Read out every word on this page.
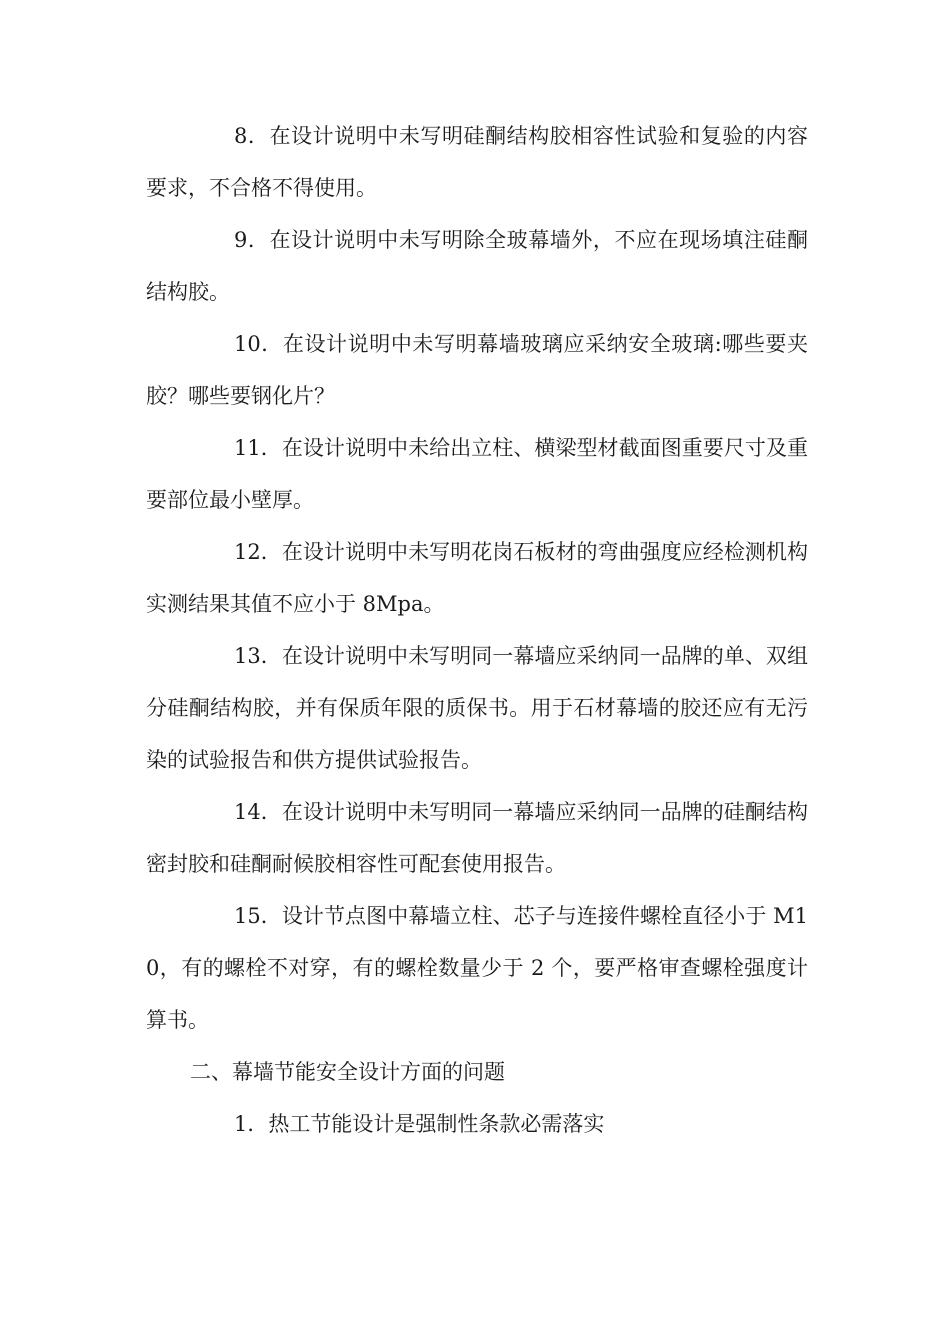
8．在设计说明中未写明硅酮结构胶相容性试验和复验的内容要求，不合格不得使用。

9．在设计说明中未写明除全玻幕墙外，不应在现场填注硅酮结构胶。

10．在设计说明中未写明幕墙玻璃应采纳安全玻璃:哪些要夹胶？哪些要钢化片？

11．在设计说明中未给出立柱、横梁型材截面图重要尺寸及重要部位最小壁厚。

12．在设计说明中未写明花岗石板材的弯曲强度应经检测机构实测结果其值不应小于 8Mpa。

13．在设计说明中未写明同一幕墙应采纳同一品牌的单、双组分硅酮结构胶，并有保质年限的质保书。用于石材幕墙的胶还应有无污染的试验报告和供方提供试验报告。

14．在设计说明中未写明同一幕墙应采纳同一品牌的硅酮结构密封胶和硅酮耐候胶相容性可配套使用报告。

15．设计节点图中幕墙立柱、芯子与连接件螺栓直径小于 M10，有的螺栓不对穿，有的螺栓数量少于 2 个，要严格审查螺栓强度计算书。

二、幕墙节能安全设计方面的问题

1．热工节能设计是强制性条款必需落实
